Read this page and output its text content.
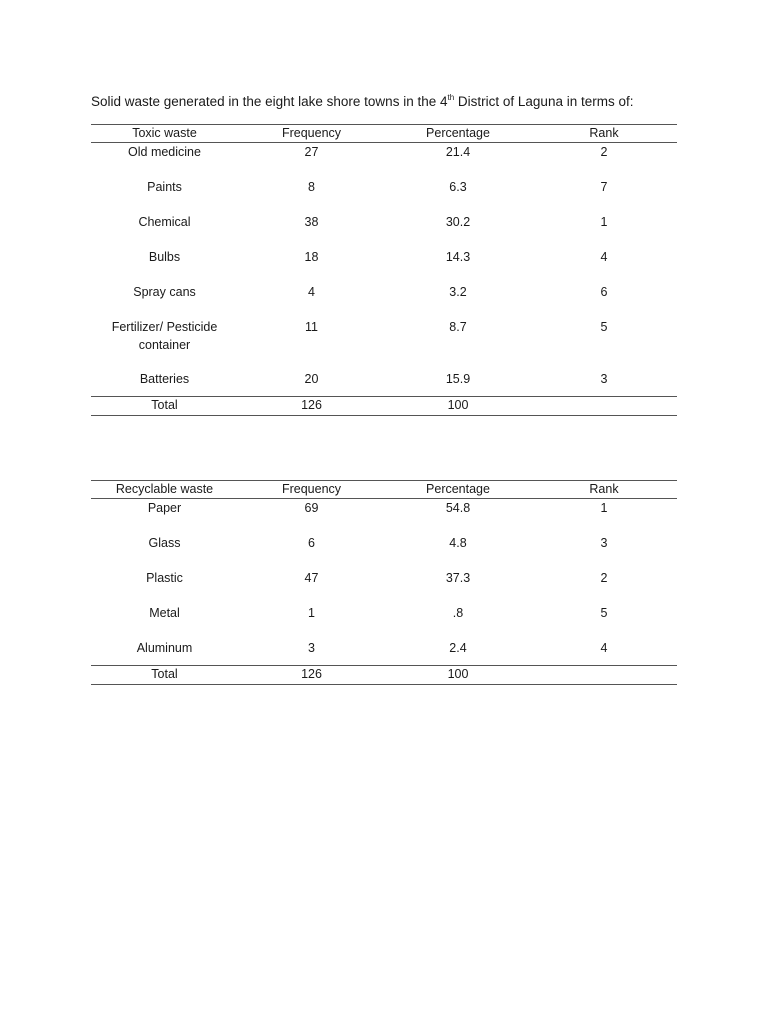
Solid waste generated in the eight lake shore towns in the 4th District of Laguna in terms of:

Toxic waste	Frequency	Percentage	Rank
Old medicine	27	21.4	2
Paints	8	6.3	7
Chemical	38	30.2	1
Bulbs	18	14.3	4
Spray cans	4	3.2	6
Fertilizer/ Pesticide container	11	8.7	5
Batteries	20	15.9	3
Total	126	100	
Recyclable waste	Frequency	Percentage	Rank
Paper	69	54.8	1
Glass	6	4.8	3
Plastic	47	37.3	2
Metal	1	.8	5
Aluminum	3	2.4	4
Total	126	100	
